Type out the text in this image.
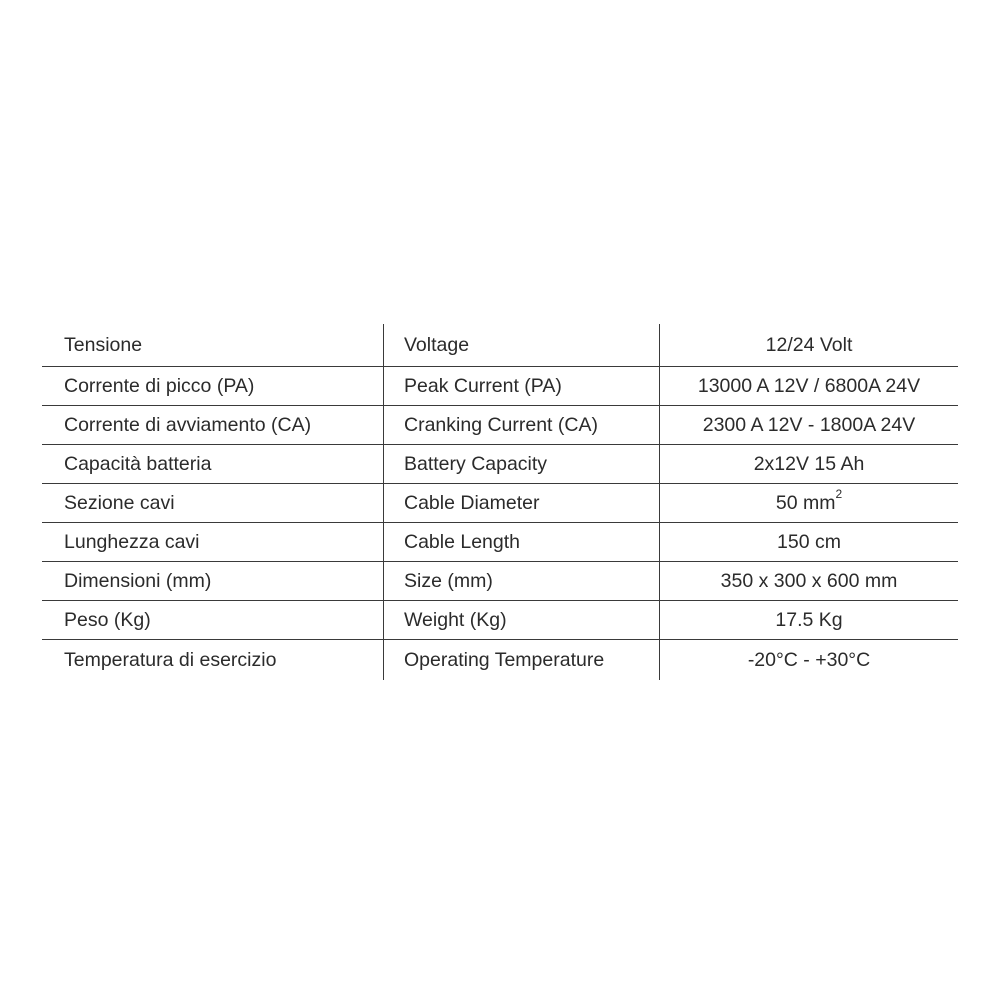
Tensione	Voltage	12/24 Volt
Corrente di picco (PA)	Peak Current (PA)	13000 A 12V / 6800A 24V
Corrente di avviamento (CA)	Cranking Current (CA)	2300 A 12V - 1800A 24V
Capacità batteria	Battery Capacity	2x12V 15 Ah
Sezione cavi	Cable Diameter	50 $mm^2$
Lunghezza cavi	Cable Length	150 cm
Dimensioni (mm)	Size (mm)	350 x 300 x 600 mm
Peso (Kg)	Weight (Kg)	17.5 Kg
Temperatura di esercizio	Operating Temperature	-20°C - +30°C
